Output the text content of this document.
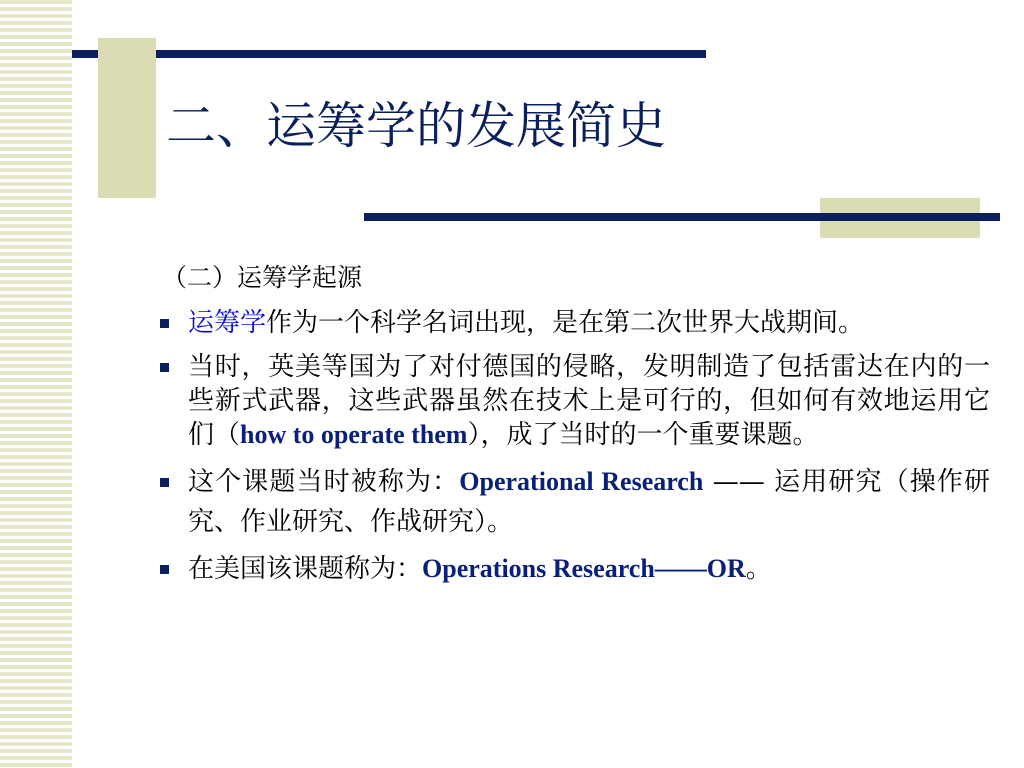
二、运筹学的发展简史
（二）运筹学起源
运筹学作为一个科学名词出现，是在第二次世界大战期间。
当时，英美等国为了对付德国的侵略，发明制造了包括雷达在内的一些新式武器，这些武器虽然在技术上是可行的，但如何有效地运用它们（how to operate them），成了当时的一个重要课题。
这个课题当时被称为：Operational Research —— 运用研究（操作研究、作业研究、作战研究）。
在美国该课题称为：Operations Research——OR。
